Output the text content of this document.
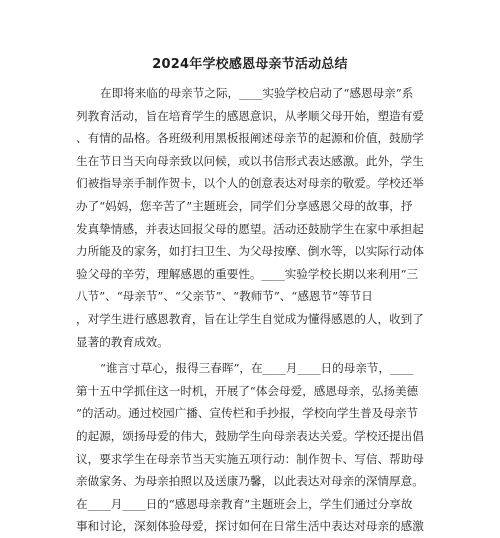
2024年学校感恩母亲节活动总结
在即将来临的母亲节之际，____实验学校启动了“感恩母亲”系
列教育活动，旨在培育学生的感恩意识，从孝顺父母开始，塑造有爱
、有情的品格。各班级利用黑板报阐述母亲节的起源和价值，鼓励学
生在节日当天向母亲致以问候，或以书信形式表达感激。此外，学生
们被指导亲手制作贺卡，以个人的创意表达对母亲的敬爱。学校还举
办了“妈妈，您辛苦了”主题班会，同学们分享感恩父母的故事，抒
发真挚情感，并表达回报父母的愿望。活动还鼓励学生在家中承担起
力所能及的家务，如打扫卫生、为父母按摩、倒水等，以实际行动体
验父母的辛劳，理解感恩的重要性。____实验学校长期以来利用“三
八节”、“母亲节”、“父亲节”、“教师节”、“感恩节”等节日
，对学生进行感恩教育，旨在让学生自觉成为懂得感恩的人，收到了
显著的教育成效。
“谁言寸草心，报得三春晖”，在____月____日的母亲节，____
第十五中学抓住这一时机，开展了“体会母爱，感恩母亲，弘扬美德
”的活动。通过校园广播、宣传栏和手抄报，学校向学生普及母亲节
的起源，颂扬母爱的伟大，鼓励学生向母亲表达关爱。学校还提出倡
议，要求学生在母亲节当天实施五项行动：制作贺卡、写信、帮助母
亲做家务、为母亲拍照以及送康乃馨，以此表达对母亲的深情厚意。
在____月____日的“感恩母亲教育”主题班会上，学生们通过分享故
事和讨论，深刻体验母爱，探讨如何在日常生活中表达对母亲的感激
